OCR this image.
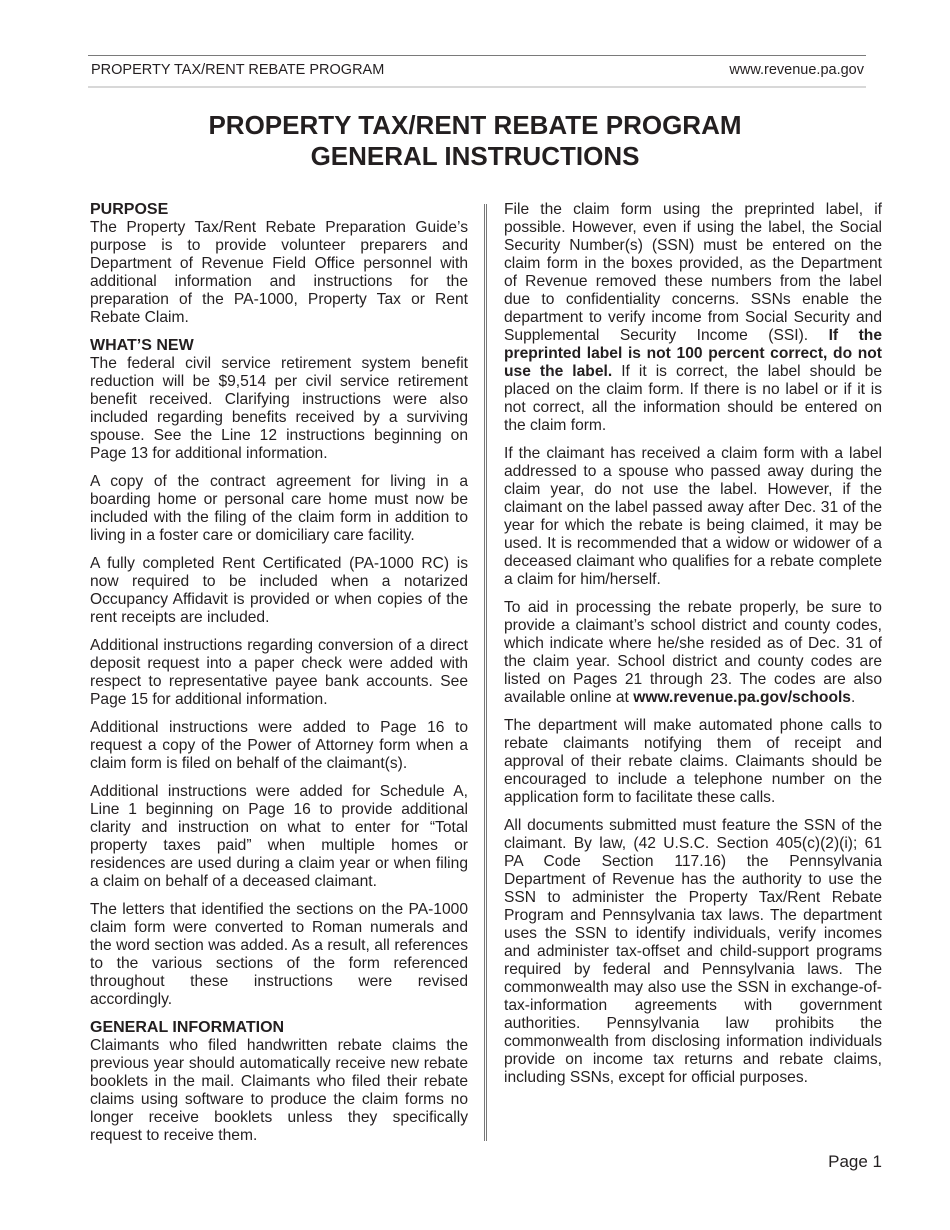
PROPERTY TAX/RENT REBATE PROGRAM	www.revenue.pa.gov
PROPERTY TAX/RENT REBATE PROGRAM
GENERAL INSTRUCTIONS
PURPOSE

The Property Tax/Rent Rebate Preparation Guide’s purpose is to provide volunteer preparers and Department of Revenue Field Office personnel with additional information and instructions for the preparation of the PA-1000, Property Tax or Rent Rebate Claim.

WHAT’S NEW

The federal civil service retirement system benefit reduction will be $9,514 per civil service retirement benefit received. Clarifying instructions were also included regarding benefits received by a surviving spouse. See the Line 12 instructions beginning on Page 13 for additional information.

A copy of the contract agreement for living in a boarding home or personal care home must now be included with the filing of the claim form in addition to living in a foster care or domiciliary care facility.

A fully completed Rent Certificated (PA-1000 RC) is now required to be included when a notarized Occupancy Affidavit is provided or when copies of the rent receipts are included.

Additional instructions regarding conversion of a direct deposit request into a paper check were added with respect to representative payee bank accounts. See Page 15 for additional information.

Additional instructions were added to Page 16 to request a copy of the Power of Attorney form when a claim form is filed on behalf of the claimant(s).

Additional instructions were added for Schedule A, Line 1 beginning on Page 16 to provide additional clarity and instruction on what to enter for “Total property taxes paid” when multiple homes or residences are used during a claim year or when filing a claim on behalf of a deceased claimant.

The letters that identified the sections on the PA-1000 claim form were converted to Roman numerals and the word section was added. As a result, all references to the various sections of the form referenced throughout these instructions were revised accordingly.

GENERAL INFORMATION

Claimants who filed handwritten rebate claims the previous year should automatically receive new rebate booklets in the mail. Claimants who filed their rebate claims using software to produce the claim forms no longer receive booklets unless they specifically request to receive them.

File the claim form using the preprinted label, if possible. However, even if using the label, the Social Security Number(s) (SSN) must be entered on the claim form in the boxes provided, as the Department of Revenue removed these numbers from the label due to confidentiality concerns. SSNs enable the department to verify income from Social Security and Supplemental Security Income (SSI). If the preprinted label is not 100 percent correct, do not use the label. If it is correct, the label should be placed on the claim form. If there is no label or if it is not correct, all the information should be entered on the claim form.

If the claimant has received a claim form with a label addressed to a spouse who passed away during the claim year, do not use the label. However, if the claimant on the label passed away after Dec. 31 of the year for which the rebate is being claimed, it may be used. It is recommended that a widow or widower of a deceased claimant who qualifies for a rebate complete a claim for him/herself.

To aid in processing the rebate properly, be sure to provide a claimant’s school district and county codes, which indicate where he/she resided as of Dec. 31 of the claim year. School district and county codes are listed on Pages 21 through 23. The codes are also available online at www.revenue.pa.gov/schools.

The department will make automated phone calls to rebate claimants notifying them of receipt and approval of their rebate claims. Claimants should be encouraged to include a telephone number on the application form to facilitate these calls.

All documents submitted must feature the SSN of the claimant. By law, (42 U.S.C. Section 405(c)(2)(i); 61 PA Code Section 117.16) the Pennsylvania Department of Revenue has the authority to use the SSN to administer the Property Tax/Rent Rebate Program and Pennsylvania tax laws. The department uses the SSN to identify individuals, verify incomes and administer tax-offset and child-support programs required by federal and Pennsylvania laws. The commonwealth may also use the SSN in exchange-of-tax-information agreements with government authorities. Pennsylvania law prohibits the commonwealth from disclosing information individuals provide on income tax returns and rebate claims, including SSNs, except for official purposes.

Page 1
